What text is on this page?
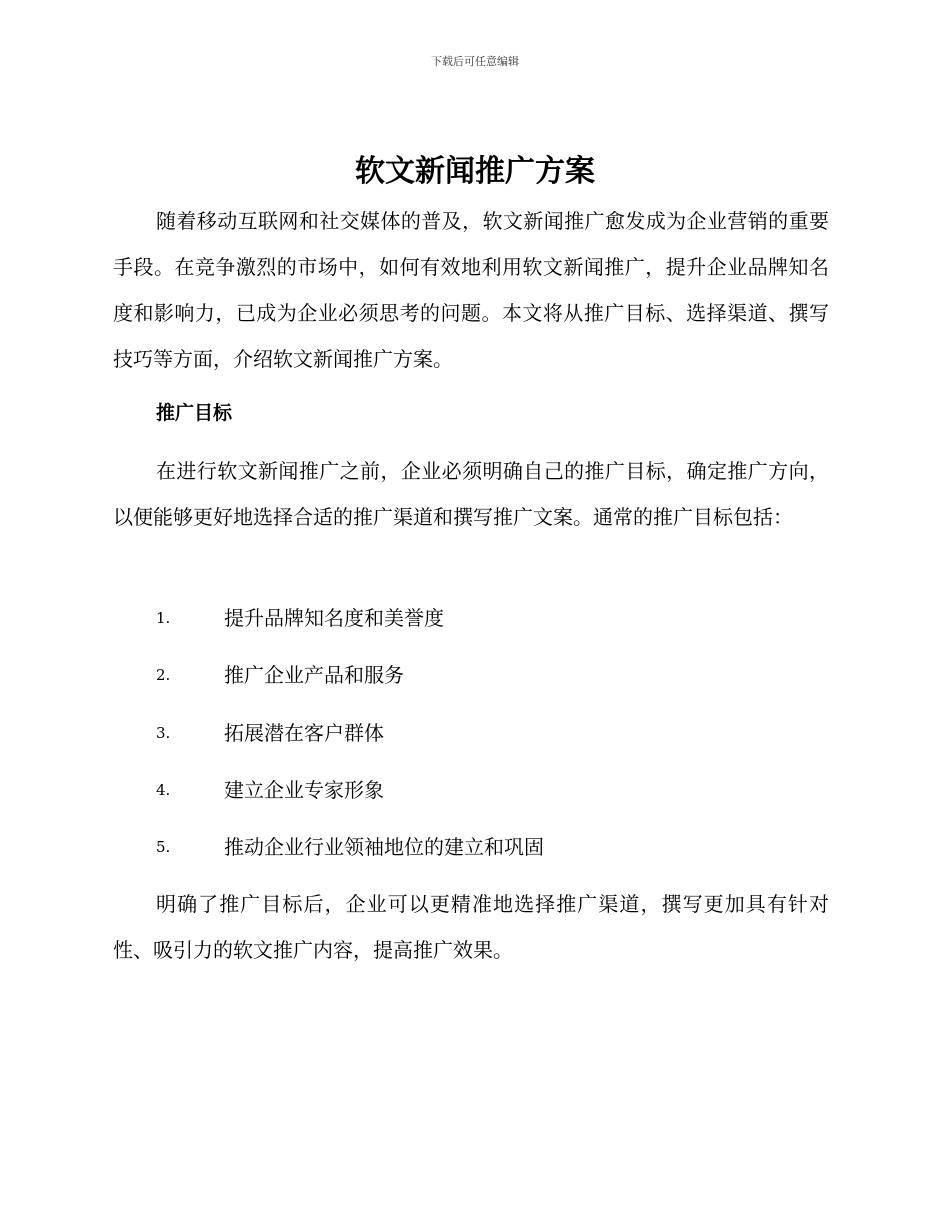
下载后可任意编辑
软文新闻推广方案

随着移动互联网和社交媒体的普及，软文新闻推广愈发成为企业营销的重要手段。在竞争激烈的市场中，如何有效地利用软文新闻推广，提升企业品牌知名度和影响力，已成为企业必须思考的问题。本文将从推广目标、选择渠道、撰写技巧等方面，介绍软文新闻推广方案。

推广目标

在进行软文新闻推广之前，企业必须明确自己的推广目标，确定推广方向，以便能够更好地选择合适的推广渠道和撰写推广文案。通常的推广目标包括：

1.	提升品牌知名度和美誉度
2.	推广企业产品和服务
3.	拓展潜在客户群体
4.	建立企业专家形象
5.	推动企业行业领袖地位的建立和巩固

明确了推广目标后，企业可以更精准地选择推广渠道，撰写更加具有针对性、吸引力的软文推广内容，提高推广效果。
